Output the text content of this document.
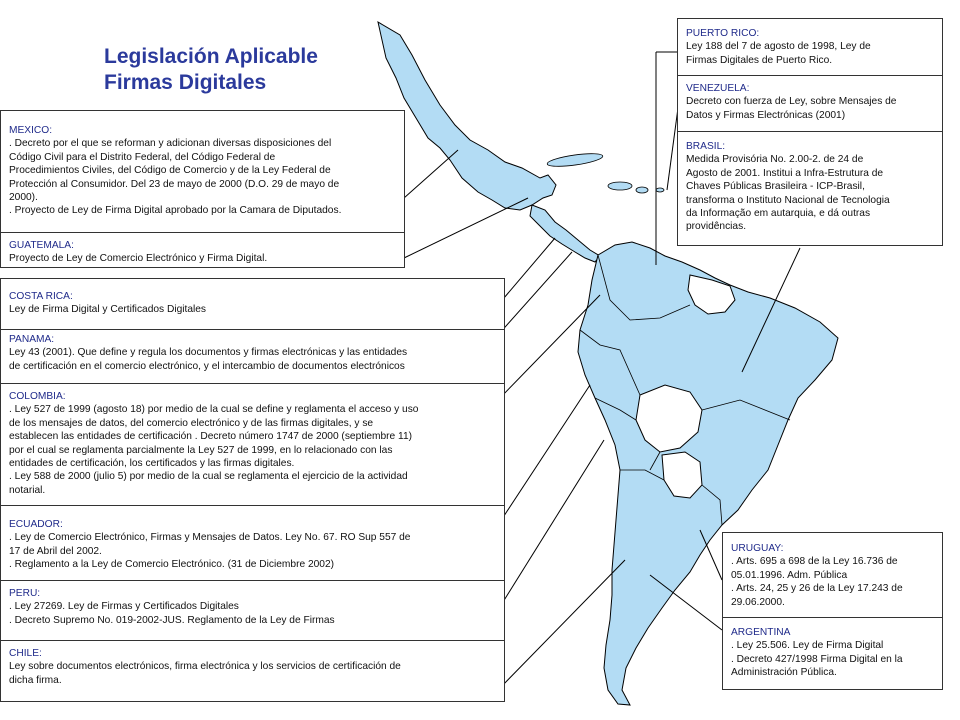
Legislación Aplicable
Firmas Digitales
MEXICO:
. Decreto por el que se reforman y adicionan diversas disposiciones del
Código Civil para el Distrito Federal, del Código Federal de
Procedimientos Civiles, del Código de Comercio y de la Ley Federal de
Protección al Consumidor. Del 23 de mayo de 2000 (D.O. 29 de mayo de
2000).
. Proyecto de Ley de Firma Digital aprobado por la Camara de Diputados.
GUATEMALA:
Proyecto de Ley de Comercio Electrónico y Firma Digital.
COSTA RICA:
Ley de Firma Digital y Certificados Digitales
PANAMA:
Ley 43 (2001). Que define y regula los documentos y firmas electrónicas y las entidades
de certificación en el comercio electrónico, y el intercambio de documentos electrónicos
COLOMBIA:
. Ley 527 de 1999 (agosto 18) por medio de la cual se define y reglamenta el acceso y uso
de los mensajes de datos, del comercio electrónico y de las firmas digitales, y se
establecen las entidades de certificación . Decreto número 1747 de 2000 (septiembre 11)
por el cual se reglamenta parcialmente la Ley 527 de 1999, en lo relacionado con las
entidades de certificación, los certificados y las firmas digitales.
. Ley 588 de 2000 (julio 5) por medio de la cual se reglamenta el ejercicio de la actividad
notarial.
ECUADOR:
. Ley de Comercio Electrónico, Firmas y Mensajes de Datos. Ley No. 67. RO Sup 557 de
17 de Abril del 2002.
. Reglamento a la Ley de Comercio Electrónico. (31 de Diciembre 2002)
PERU:
. Ley 27269. Ley de Firmas y Certificados Digitales
. Decreto Supremo No. 019-2002-JUS. Reglamento de la Ley de Firmas
CHILE:
Ley sobre documentos electrónicos, firma electrónica y los servicios de certificación de
dicha firma.
PUERTO RICO:
Ley 188 del 7 de agosto de 1998, Ley de
Firmas Digitales de Puerto Rico.
VENEZUELA:
Decreto con fuerza de Ley, sobre Mensajes de
Datos y Firmas Electrónicas (2001)
BRASIL:
Medida Provisória No. 2.00-2. de 24 de
Agosto de 2001. Institui a Infra-Estrutura de
Chaves Públicas Brasileira - ICP-Brasil,
transforma o Instituto Nacional de Tecnologia
da Informação em autarquia, e dá outras
providências.
URUGUAY:
. Arts. 695 a 698 de la Ley 16.736 de
05.01.1996. Adm. Pública
. Arts. 24, 25 y 26 de la Ley 17.243 de
29.06.2000.
ARGENTINA
. Ley 25.506. Ley de Firma Digital
. Decreto 427/1998 Firma Digital en la
Administración Pública.
